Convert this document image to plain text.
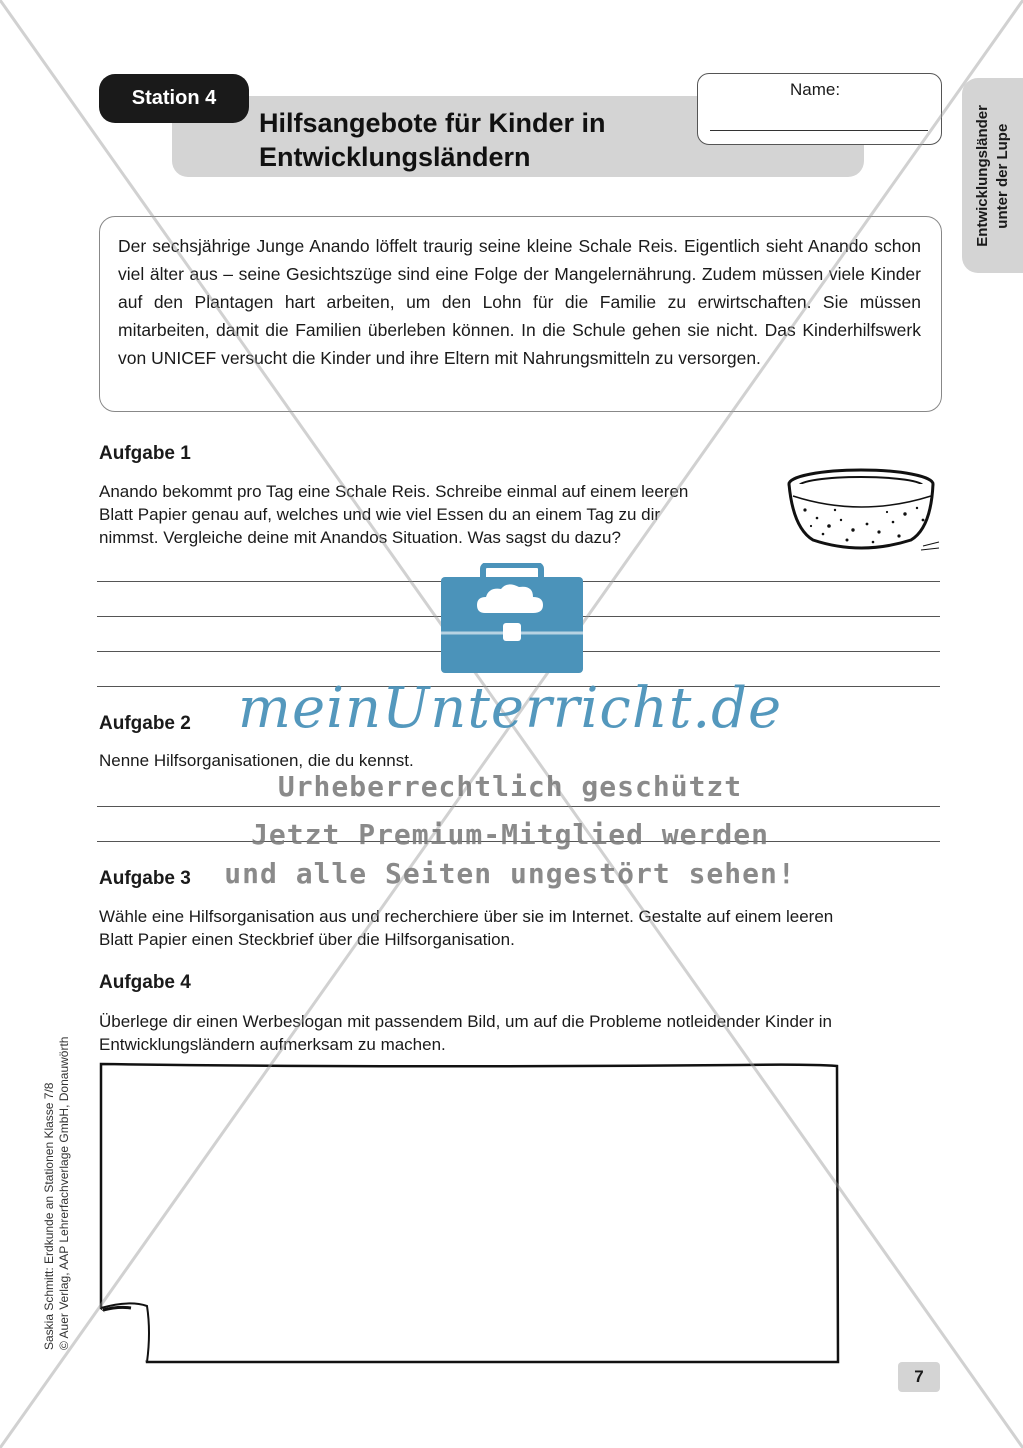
Station 4
Hilfsangebote für Kinder in
Entwicklungsländern
Name:
Entwicklungsländer
unter der Lupe
Der sechsjährige Junge Anando löffelt traurig seine kleine Schale Reis. Eigentlich sieht Anando schon viel älter aus – seine Gesichtszüge sind eine Folge der Mangelernährung. Zudem müssen viele Kinder auf den Plantagen hart arbeiten, um den Lohn für die Familie zu erwirtschaften. Sie müssen mitarbeiten, damit die Familien überleben können. In die Schule gehen sie nicht. Das Kinderhilfswerk von UNICEF versucht die Kinder und ihre Eltern mit Nahrungsmitteln zu versorgen.
Aufgabe 1
Anando bekommt pro Tag eine Schale Reis. Schreibe einmal auf einem leeren
Blatt Papier genau auf, welches und wie viel Essen du an einem Tag zu dir
nimmst. Vergleiche deine mit Anandos Situation. Was sagst du dazu?
Aufgabe 2
Nenne Hilfsorganisationen, die du kennst.
Aufgabe 3
Wähle eine Hilfsorganisation aus und recherchiere über sie im Internet. Gestalte auf einem leeren
Blatt Papier einen Steckbrief über die Hilfsorganisation.
Aufgabe 4
Überlege dir einen Werbeslogan mit passendem Bild, um auf die Probleme notleidender Kinder in
Entwicklungsländern aufmerksam zu machen.
Saskia Schmitt: Erdkunde an Stationen Klasse 7/8
© Auer Verlag, AAP Lehrerfachverlage GmbH, Donauwörth
7
meinUnterricht.de
Urheberrechtlich geschützt
Jetzt Premium-Mitglied werden
und alle Seiten ungestört sehen!
